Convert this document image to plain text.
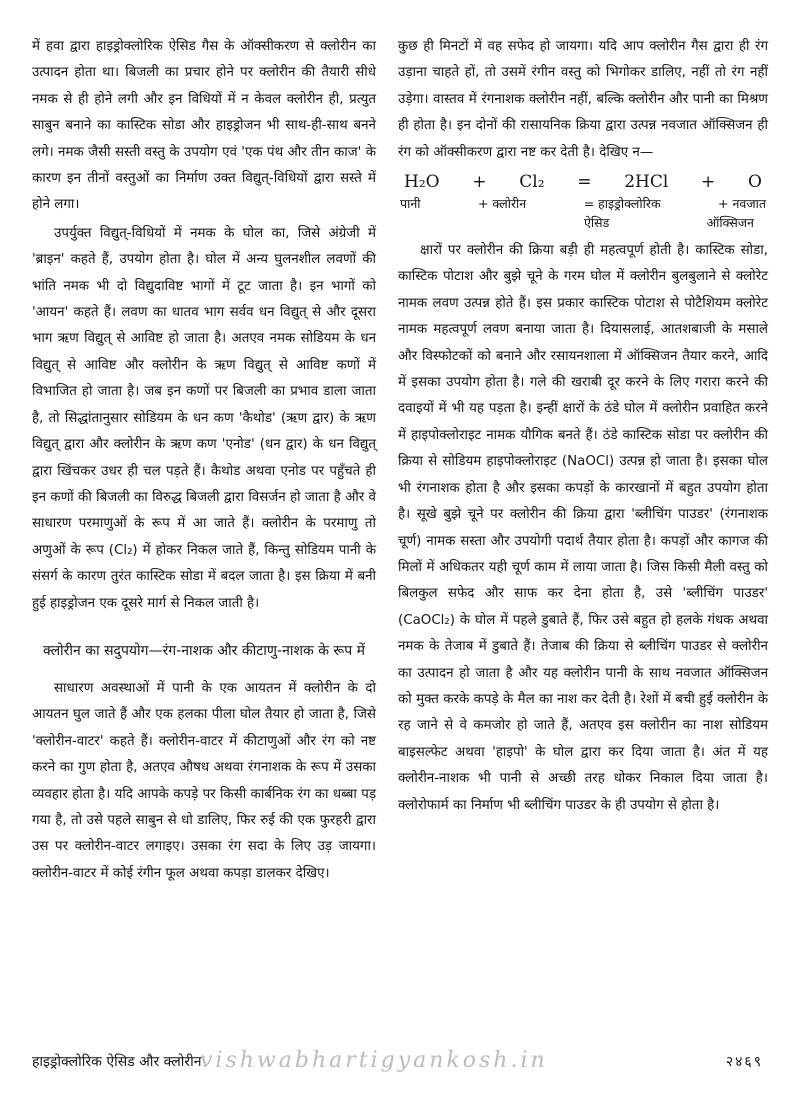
में हवा द्वारा हाइड्रोक्लोरिक ऐसिड गैस के ऑक्सीकरण से क्लोरीन का उत्पादन होता था। बिजली का प्रचार होने पर क्लोरीन की तैयारी सीधे नमक से ही होने लगी और इन विधियों में न केवल क्लोरीन ही, प्रत्युत साबुन बनाने का कास्टिक सोडा और हाइड्रोजन भी साथ-ही-साथ बनने लगे। नमक जैसी सस्ती वस्तु के उपयोग एवं 'एक पंथ और तीन काज' के कारण इन तीनों वस्तुओं का निर्माण उक्त विद्युत्-विधियों द्वारा सस्ते में होने लगा।

उपर्युक्त विद्युत्-विधियों में नमक के घोल का, जिसे अंग्रेजी में 'ब्राइन' कहते हैं, उपयोग होता है। घोल में अन्य घुलनशील लवणों की भांति नमक भी दो विद्युदाविष्ट भागों में टूट जाता है। इन भागों को 'आयन' कहते हैं। लवण का धातव भाग सर्वव धन विद्युत् से और दूसरा भाग ऋण विद्युत् से आविष्ट हो जाता है। अतएव नमक सोडियम के धन विद्युत् से आविष्ट और क्लोरीन के ऋण विद्युत् से आविष्ट कणों में विभाजित हो जाता है। जब इन कणों पर बिजली का प्रभाव डाला जाता है, तो सिद्धांतानुसार सोडियम के धन कण 'कैथोड' (ऋण द्वार) के ऋण विद्युत् द्वारा और क्लोरीन के ऋण कण 'एनोड' (धन द्वार) के धन विद्युत् द्वारा खिंचकर उधर ही चल पड़ते हैं। कैथोड अथवा एनोड पर पहुँचते ही इन कणों की बिजली का विरुद्ध बिजली द्वारा विसर्जन हो जाता है और वे साधारण परमाणुओं के रूप में आ जाते हैं। क्लोरीन के परमाणु तो अणुओं के रूप (Cl₂) में होकर निकल जाते हैं, किन्तु सोडियम पानी के संसर्ग के कारण तुरंत कास्टिक सोडा में बदल जाता है। इस क्रिया में बनी हुई हाइड्रोजन एक दूसरे मार्ग से निकल जाती है।

क्लोरीन का सदुपयोग—रंग-नाशक और कीटाणु-नाशक के रूप में

साधारण अवस्थाओं में पानी के एक आयतन में क्लोरीन के दो आयतन घुल जाते हैं और एक हलका पीला घोल तैयार हो जाता है, जिसे 'क्लोरीन-वाटर' कहते हैं। क्लोरीन-वाटर में कीटाणुओं और रंग को नष्ट करने का गुण होता है, अतएव औषध अथवा रंगनाशक के रूप में उसका व्यवहार होता है। यदि आपके कपड़े पर किसी कार्बनिक रंग का धब्बा पड़ गया है, तो उसे पहले साबुन से धो डालिए, फिर रुई की एक फुरहरी द्वारा उस पर क्लोरीन-वाटर लगाइए। उसका रंग सदा के लिए उड़ जायगा। क्लोरीन-वाटर में कोई रंगीन फूल अथवा कपड़ा डालकर देखिए।

कुछ ही मिनटों में वह सफेद हो जायगा। यदि आप क्लोरीन गैस द्वारा ही रंग उड़ाना चाहते हों, तो उसमें रंगीन वस्तु को भिगोकर डालिए, नहीं तो रंग नहीं उड़ेगा। वास्तव में रंगनाशक क्लोरीन नहीं, बल्कि क्लोरीन और पानी का मिश्रण ही होता है। इन दोनों की रासायनिक क्रिया द्वारा उत्पन्न नवजात ऑक्सिजन ही रंग को ऑक्सीकरण द्वारा नष्ट कर देती है। देखिए न—

H₂O + Cl₂ = 2HCl + O
पानी	+ क्लोरीन	= हाइड्रोक्लोरिक	+ नवजात
ऐसिड	ऑक्सिजन

क्षारों पर क्लोरीन की क्रिया बड़ी ही महत्वपूर्ण होती है। कास्टिक सोडा, कास्टिक पोटाश और बुझे चूने के गरम घोल में क्लोरीन बुलबुलाने से क्लोरेट नामक लवण उत्पन्न होते हैं। इस प्रकार कास्टिक पोटाश से पोटैशियम क्लोरेट नामक महत्वपूर्ण लवण बनाया जाता है। दियासलाई, आतशबाजी के मसाले और विस्फोटकों को बनाने और रसायनशाला में ऑक्सिजन तैयार करने, आदि में इसका उपयोग होता है। गले की खराबी दूर करने के लिए गरारा करने की दवाइयों में भी यह पड़ता है। इन्हीं क्षारों के ठंडे घोल में क्लोरीन प्रवाहित करने में हाइपोक्लोराइट नामक यौगिक बनते हैं। ठंडे कास्टिक सोडा पर क्लोरीन की क्रिया से सोडियम हाइपोक्लोराइट (NaOCl) उत्पन्न हो जाता है। इसका घोल भी रंगनाशक होता है और इसका कपड़ों के कारखानों में बहुत उपयोग होता है। सूखे बुझे चूने पर क्लोरीन की क्रिया द्वारा 'ब्लीचिंग पाउडर' (रंगनाशक चूर्ण) नामक सस्ता और उपयोगी पदार्थ तैयार होता है। कपड़ों और कागज की मिलों में अधिकतर यही चूर्ण काम में लाया जाता है। जिस किसी मैली वस्तु को बिलकुल सफेद और साफ कर देना होता है, उसे 'ब्लीचिंग पाउडर' (CaOCl₂) के घोल में पहले डुबाते हैं, फिर उसे बहुत हो हलके गंधक अथवा नमक के तेजाब में डुबाते हैं। तेजाब की क्रिया से ब्लीचिंग पाउडर से क्लोरीन का उत्पादन हो जाता है और यह क्लोरीन पानी के साथ नवजात ऑक्सिजन को मुक्त करके कपड़े के मैल का नाश कर देती है। रेशों में बची हुई क्लोरीन के रह जाने से वे कमजोर हो जाते हैं, अतएव इस क्लोरीन का नाश सोडियम बाइसल्फेट अथवा 'हाइपो' के घोल द्वारा कर दिया जाता है। अंत में यह क्लोरीन-नाशक भी पानी से अच्छी तरह धोकर निकाल दिया जाता है। क्लोरोफार्म का निर्माण भी ब्लीचिंग पाउडर के ही उपयोग से होता है।

हाइड्रोक्लोरिक ऐसिड और क्लोरीन
vishwabhartigyankosh.in	२४६९
